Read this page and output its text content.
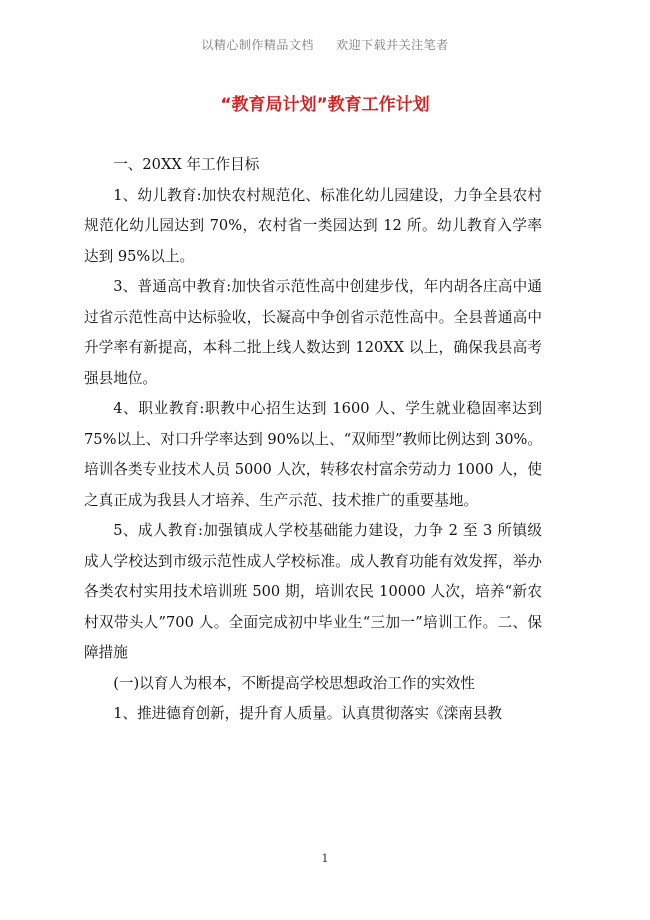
以精心制作精品文档 欢迎下载并关注笔者
“教育局计划”教育工作计划

一、20XX 年工作目标

1、幼儿教育:加快农村规范化、标准化幼儿园建设，力争全县农村规范化幼儿园达到 70%，农村省一类园达到 12 所。幼儿教育入学率达到 95%以上。

3、普通高中教育:加快省示范性高中创建步伐，年内胡各庄高中通过省示范性高中达标验收，长凝高中争创省示范性高中。全县普通高中升学率有新提高，本科二批上线人数达到 120XX 以上，确保我县高考强县地位。

4、职业教育:职教中心招生达到 1600 人、学生就业稳固率达到 75%以上、对口升学率达到 90%以上、“双师型”教师比例达到 30%。培训各类专业技术人员 5000 人次，转移农村富余劳动力 1000 人，使之真正成为我县人才培养、生产示范、技术推广的重要基地。

5、成人教育:加强镇成人学校基础能力建设，力争 2 至 3 所镇级成人学校达到市级示范性成人学校标准。成人教育功能有效发挥，举办各类农村实用技术培训班 500 期，培训农民 10000 人次，培养“新农村双带头人”700 人。全面完成初中毕业生“三加一”培训工作。二、保障措施

(一)以育人为根本，不断提高学校思想政治工作的实效性

1、推进德育创新，提升育人质量。认真贯彻落实《滦南县教

1
